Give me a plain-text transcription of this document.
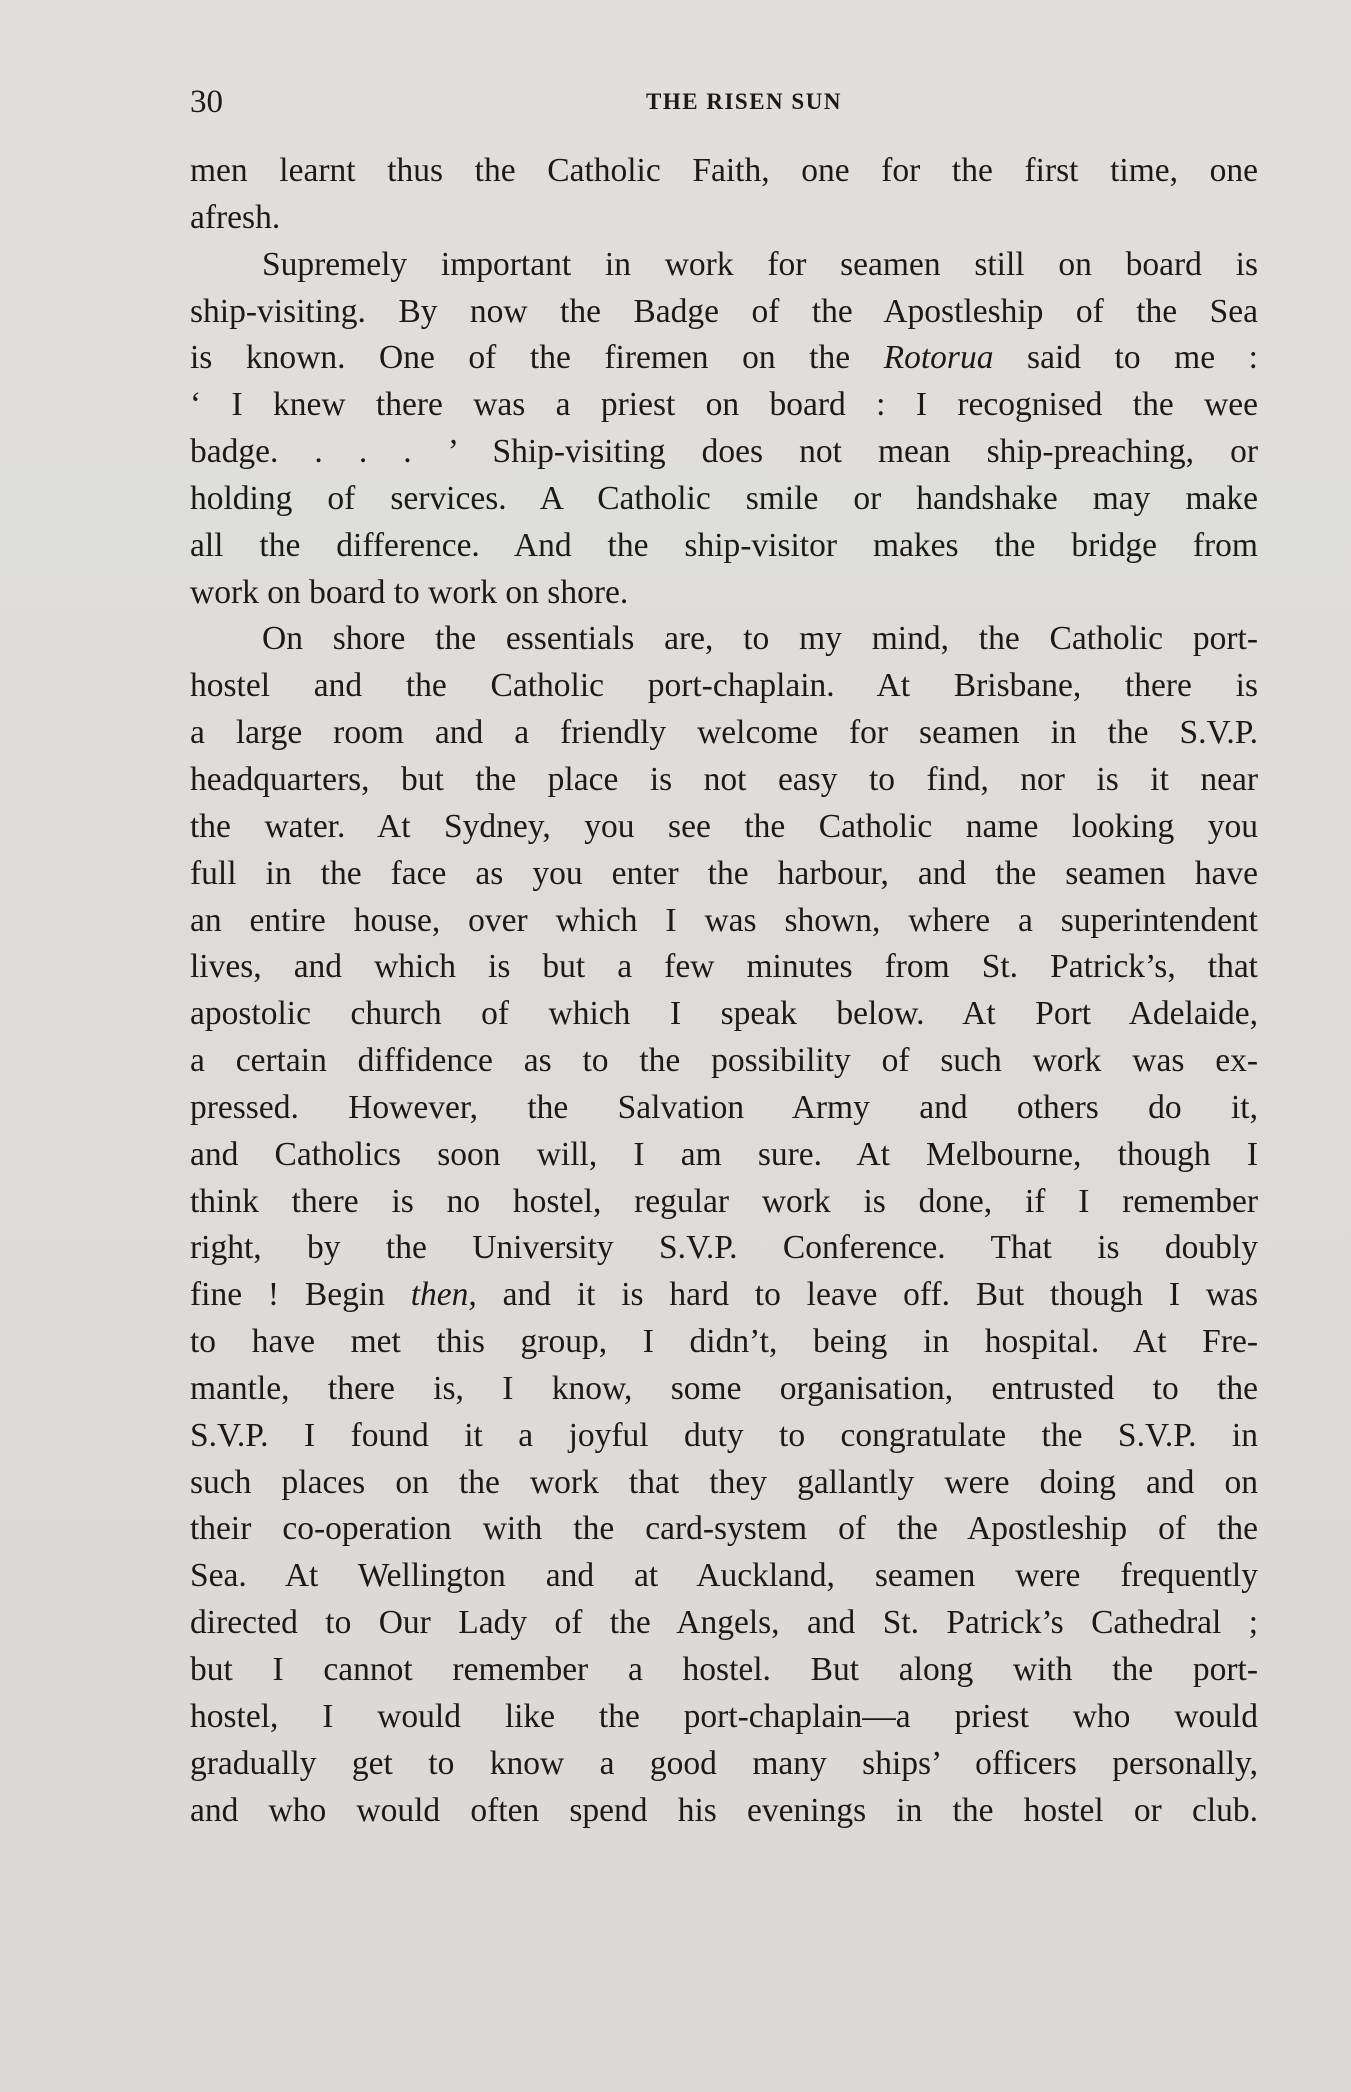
30	THE RISEN SUN
men learnt thus the Catholic Faith, one for the first time, one
afresh.
Supremely important in work for seamen still on board is
ship-visiting. By now the Badge of the Apostleship of the Sea
is known. One of the firemen on the Rotorua said to me :
‘ I knew there was a priest on board : I recognised the wee
badge. . . . ’ Ship-visiting does not mean ship-preaching, or
holding of services. A Catholic smile or handshake may make
all the difference. And the ship-visitor makes the bridge from
work on board to work on shore.
On shore the essentials are, to my mind, the Catholic port-
hostel and the Catholic port-chaplain. At Brisbane, there is
a large room and a friendly welcome for seamen in the S.V.P.
headquarters, but the place is not easy to find, nor is it near
the water. At Sydney, you see the Catholic name looking you
full in the face as you enter the harbour, and the seamen have
an entire house, over which I was shown, where a superintendent
lives, and which is but a few minutes from St. Patrick’s, that
apostolic church of which I speak below. At Port Adelaide,
a certain diffidence as to the possibility of such work was ex-
pressed. However, the Salvation Army and others do it,
and Catholics soon will, I am sure. At Melbourne, though I
think there is no hostel, regular work is done, if I remember
right, by the University S.V.P. Conference. That is doubly
fine ! Begin then, and it is hard to leave off. But though I was
to have met this group, I didn’t, being in hospital. At Fre-
mantle, there is, I know, some organisation, entrusted to the
S.V.P. I found it a joyful duty to congratulate the S.V.P. in
such places on the work that they gallantly were doing and on
their co-operation with the card-system of the Apostleship of the
Sea. At Wellington and at Auckland, seamen were frequently
directed to Our Lady of the Angels, and St. Patrick’s Cathedral ;
but I cannot remember a hostel. But along with the port-
hostel, I would like the port-chaplain—a priest who would
gradually get to know a good many ships’ officers personally,
and who would often spend his evenings in the hostel or club.
